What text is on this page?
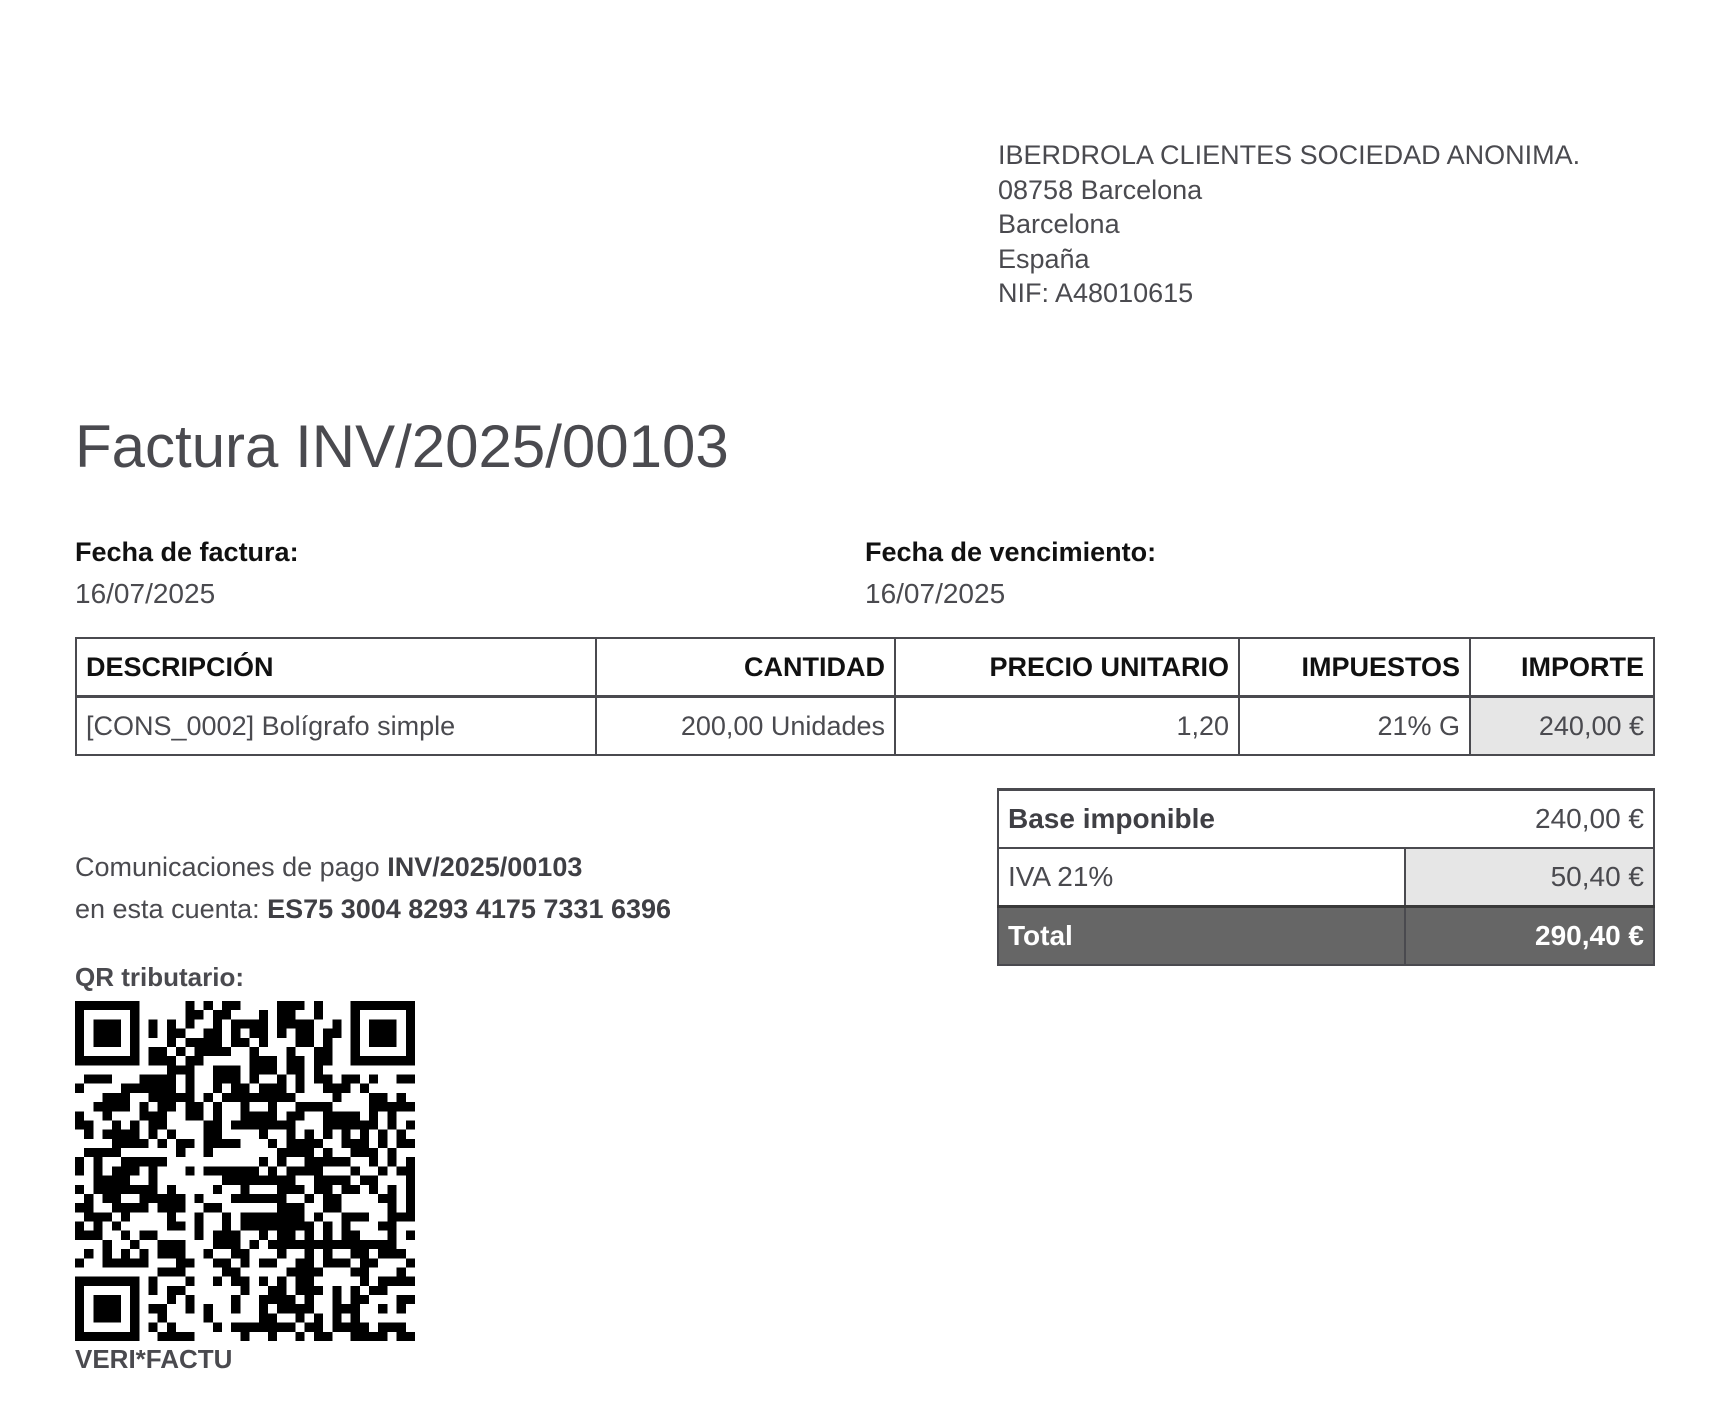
IBERDROLA CLIENTES SOCIEDAD ANONIMA.
08758 Barcelona
Barcelona
España
NIF: A48010615
Factura INV/2025/00103
Fecha de factura:
16/07/2025
Fecha de vencimiento:
16/07/2025
DESCRIPCIÓN	CANTIDAD	PRECIO UNITARIO	IMPUESTOS	IMPORTE
[CONS_0002] Bolígrafo simple	200,00 Unidades	1,20	21% G	240,00 €
Comunicaciones de pago INV/2025/00103
en esta cuenta: ES75 3004 8293 4175 7331 6396
Base imponible	240,00 €
IVA 21%	50,40 €
Total	290,40 €
QR tributario:
VERI*FACTU
